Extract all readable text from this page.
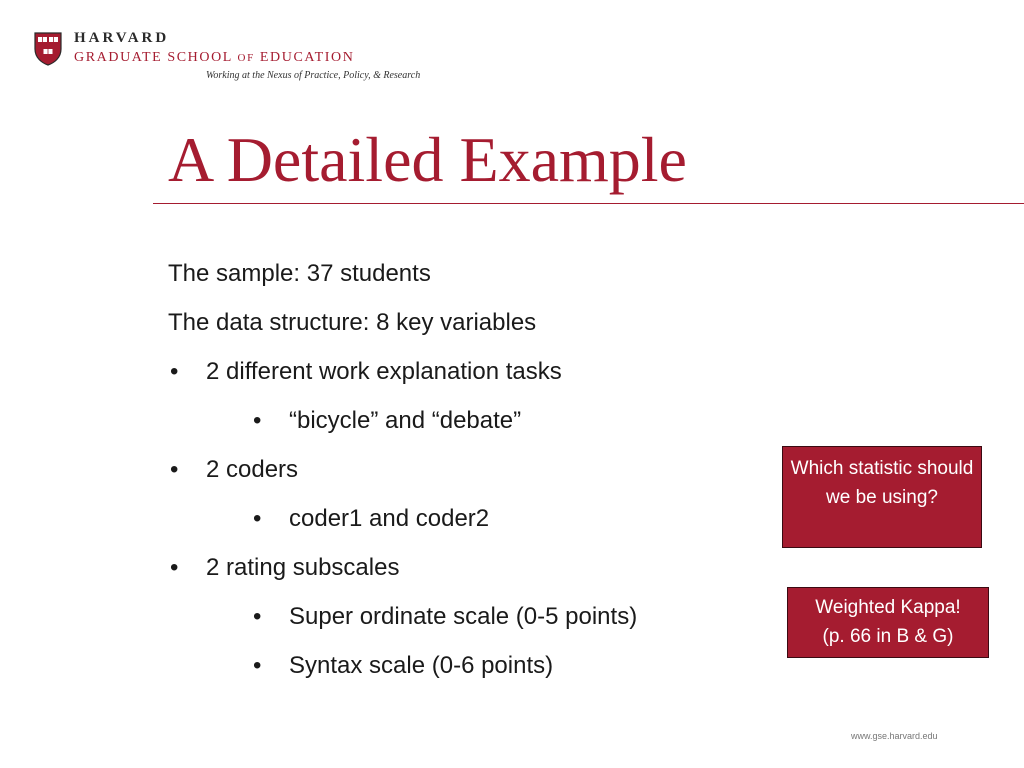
HARVARD
GRADUATE SCHOOL OF EDUCATION
Working at the Nexus of Practice, Policy, & Research
A Detailed Example
The sample: 37 students
The data structure: 8 key variables
• 2 different work explanation tasks
• “bicycle” and “debate”
• 2 coders
• coder1 and coder2
• 2 rating subscales
• Super ordinate scale (0-5 points)
• Syntax scale (0-6 points)
Which statistic should we be using?
Weighted Kappa!
(p. 66 in B & G)
www.gse.harvard.edu
